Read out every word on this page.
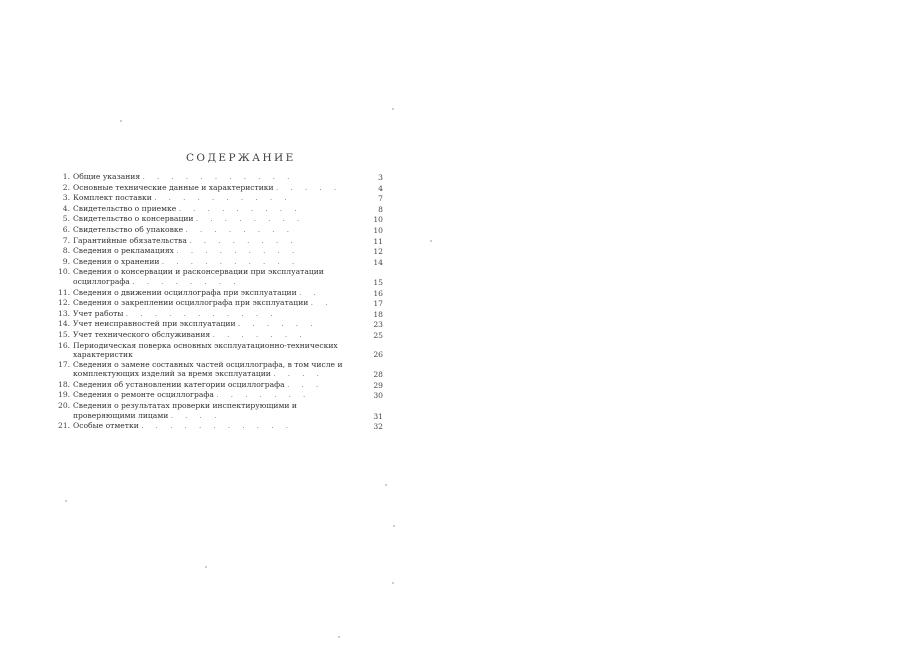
СОДЕРЖАНИЕ
1. Общие указания . . . . . . . . . . .	3
2. Основные технические данные и характеристики . . . . .	4
3. Комплект поставки . . . . . . . . . .	7
4. Свидетельство о приемке . . . . . . . . .	8
5. Свидетельство о консервации . . . . . . . .	10
6. Свидетельство об упаковке . . . . . . . .	10
7. Гарантийные обязательства . . . . . . . .	11
8. Сведения о рекламациях . . . . . . . . .	12
9. Сведения о хранении . . . . . . . . . .	14
10. Сведения о консервации и расконсервации при эксплуатации осциллографа . . . . . . . .	15
11. Сведения о движении осциллографа при эксплуатации . .	16
12. Сведения о закреплении осциллографа при эксплуатации . .	17
13. Учет работы . . . . . . . . . . .	18
14. Учет неисправностей при эксплуатации . . . . . .	23
15. Учет технического обслуживания . . . . . . .	25
16. Периодическая поверка основных эксплуатационно-технических характеристик	26
17. Сведения о замене составных частей осциллографа, в том числе и комплектующих изделий за время эксплуатации . . . .	28
18. Сведения об установлении категории осциллографа . . .	29
19. Сведения о ремонте осциллографа . . . . . . .	30
20. Сведения о результатах проверки инспектирующими и проверяющими лицами . . . .	31
21. Особые отметки . . . . . . . . . . .	32
